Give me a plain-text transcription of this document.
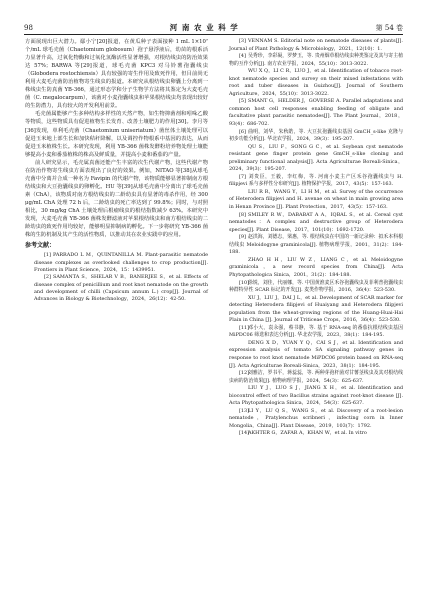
98	河 南 农 业 科 学	第 54 卷

方面展现出巨大潜力。鄢小宁[20]报道，在黄瓜种子表面接种 1 mL 1×10⁷ 个/mL 球毛壳菌（Chaetomium globosum）孢子悬浮液后，幼苗的根系活力显著升高，过氧化物酶和过氧化氢酶活性显著增强，对根结线虫的防治效果达 57%；BARWA 等[29]报道，球毛壳菌 KPC3 对马铃薯孢囊线虫（Globodera rostochiensis）具有较强的寄生作用及致死作用，但目前尚无利用大麦毛壳菌防治植物寄生线虫的报道。本研究从根结线虫卵囊上分离到一株线虫生防真菌 YB-366，通过形态学和分子生物学方法将其鉴定为大麦毛壳菌（C. megalocarpum），该菌对小麦孢囊线虫和苹果根结线虫均表现出较好的生防潜力，具有较大的开发利用前景。

毛壳菌属能够产生多种结构多样性的天然产物，如生物抑菌剂和吲哚乙酸等物质，这些物质具有促进植物生长发育、改善土壤肥力的作用[30]。李月等[36]发现，单利毛壳菌（Chaetomium uniseriatum）菌丝体土壤处理可以促进玉米地上部生长和加快秸秆降解，以及调控作物根系中基因的表达，从而促进玉米植株生长。本研究发现，利用 YB-366 菌株发酵粉培养物处理土壤能够提高小麦和番茄植株的株高及鲜质量，并提高小麦和番茄的产量。

前人研究显示，毛壳属真菌还能产生丰富的次生代谢产物，这些代谢产物在防治作物寄生线虫方面表现出了良好的效果。例如，NITAO 等[38]从球毛壳菌中分离并合成一种名为 Favipin 的代谢产物，该物质能够显著抑制南方根结线虫和大豆孢囊线虫的卵孵化。HU 等[39]从球毛壳菌中分离出了球毛壳菌素（ChA），该物质对南方根结线虫的二龄幼虫具有显著的毒杀作用，经 300 μg/mL ChA 处理 72 h 后，二龄幼虫的死亡率达到了 99.8%；同时，与对照相比，30 mg/kg ChA 土壤处理后根瘤线虫的根结指数减少 63%。本研究中发现，大麦毛壳菌 YB-366 菌株发酵滤液对苹果根结线虫和南方根结线虫的二龄幼虫的致死作用均较好，能够明显抑制病的孵化。下一步将研究 YB-366 菌株的生防机制及其产生的活性物质，以推动其在农业实践中的应用。

参考文献：

[1] PARRADO L M，QUINTANILLA M. Plant-parasitic nematode disease complexes as overlooked challenges to crop production[J]. Frontiers in Plant Science，2024，15：1439951.

[2] SAMANTA S，SHELAR V B，BANERJEE S，et al. Effects of disease complex of penicillium and root knot nematode on the growth and development of chilli (Capsicum annum L.) crop[J]. Journal of Advances in Biology & Biotechnology，2024，26(12)：42-50.

[3] VENNAM S. Editorial note on nematode diseases of plants[J]. Journal of Plant Pathology & Microbiology，2021，12(10)：1.

[4] 吴秀珍，李彩凝，罗梦玉，等. 贵州烟草根结线虫种类鉴定及其与寄主植物的互作分析[J]. 南方农业学报，2024，55(10)：3013-3022.

WU X Q，LI C R，LUO J，et al. Identification of tobacco root-knot nematode species and survey on their mixed infestations with root and tuber diseases in Guizhou[J]. Journal of Southern Agriculture，2024，55(10)：3013-3022.

[5] SMANT G，HELDER J，GOVERSE A. Parallel adaptations and common host cell responses enabling feeding of obligate and facultative plant parasitic nematodes[J]. The Plant Journal，2018，93(4)：686-702.

[6] 曲明，刘华，朱秋皓，等. 大豆抗孢囊线虫基因 GmCH_s-like 克隆与初步功能分析[J]. 华北农学报，2024，39(3)：195-207.

QU S，LIU F，SONG G C，et al. Soybean cyst nematode resistant gene finger protein gene GmCH_s-like cloning and preliminary functional analysis[J]. Acta Agriculturae Boreali-Sinica，2024，39(3)：195-207.

[7] 刘贵臣，王毅，李红梅，等. 河南小麦主产区禾谷孢囊线虫与 H. filipjevi 系与多样性分布研究[J]. 植物保护学报，2017，43(5)：157-163.

LIU R R，WANG Y，LI H M，et al. Survey of the occurrence of Heterodera filipjevi and H. avenae on wheat in main growing area in Henan Province [J]. Plant Protection，2017，43(5)：157-163.

[8] SMILEY R W，DABABAT A A，IQBAL S，et al. Cereal cyst nematodes：A complex and destructive group of Heterodera species[J]. Plant Disease，2017，101(10)：1692-1720.

[9] 赵洪海，刘德志，梁惠，等. 根结线虫在中国的一新记录种：拟禾本科根结线虫 Meloidogyne graminicola[J]. 植物病理学报，2001，31(2)：184-188.

ZHAO H H，LIU W Z，LIANG C，et al. Meloidogyne graminicola，a new record species from China[J]. Acta Phytopathologica Sinica，2001，31(2)：184-188.

[10]徐锐，刘佳，代丽娜，等. 中国黄淮麦区禾谷孢囊线虫及菲利普孢囊线虫种群特异性 SCAR 标记的开发[J]. 麦类作物学报，2016，36(4)：523-530.

XU J，LIU J，DAI J L，et al. Development of SCAR marker for detecting Heterodera filipjevi of Huaiyang and Heterodera filipjevi population from the wheat-growing regions of the Huang-Huai-Hai Plain in China [J]. Journal of Triticeae Crops，2016，36(4)：523-530.

[11]邓小大，袁永强，蔡书静，等. 基于 RNA-seq 的番茄抗根结线虫基因 MiPDC06 筛选和表达分析[J]. 华北农学报，2023，38(1)：184-195.

DENG X D，YUAN Y Q，CAI S J，et al. Identification and expression analysis of tomato SA signaling pathway genes in response to root knot nematode MiPDC06 protein based on RNA-seq [J]. Acta Agriculturae Boreali-Sinica，2023，38(1)：184-195.

[12]刘雅洁，罗书平，蒋蕊蕊，等. 两种芽孢杆菌对甘薯茎线虫及其对根结线虫病的防治效果[J]. 植物病理学报，2024，54(3)：625-637.

LIU Y J，LUO S J，JIANG X H，et al. Identification and biocontrol effect of two Bacillus strains against root-knot disease [J]. Acta Phytopathologica Sinica，2024，54(3)：625-637.

[13]LI Y，LU Q S，WANG S，et al. Discovery of a root-lesion nematode，Pratylenchus scribneri，infecting corn in Inner Mongolia，China[J]. Plant Disease，2019，103(7)：1792.

[14]AKHTER G，ZAFAR A，KHAN W，et al. In vitro
